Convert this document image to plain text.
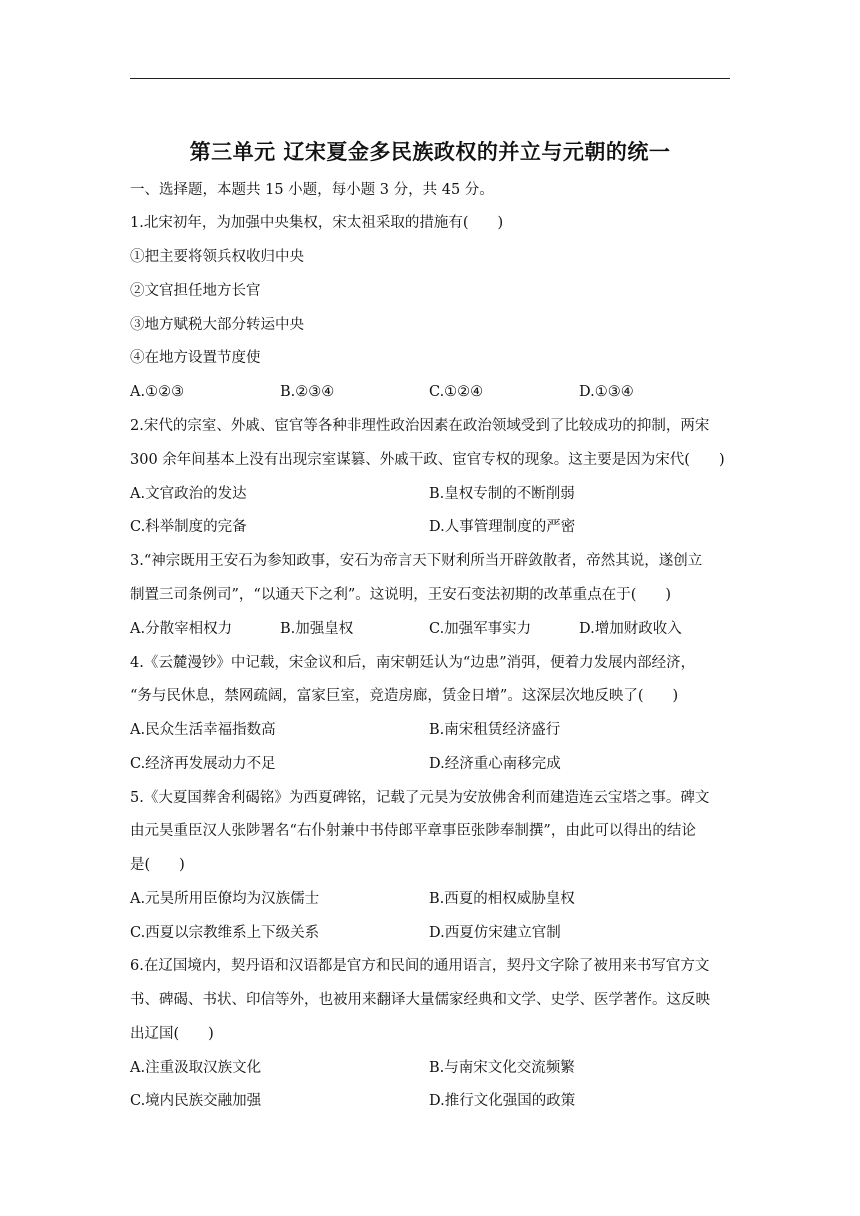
第三单元 辽宋夏金多民族政权的并立与元朝的统一
一、选择题，本题共 15 小题，每小题 3 分，共 45 分。
1.北宋初年，为加强中央集权，宋太祖采取的措施有(　　)
①把主要将领兵权收归中央
②文官担任地方长官
③地方赋税大部分转运中央
④在地方设置节度使
A.①②③	B.②③④	C.①②④	D.①③④
2.宋代的宗室、外戚、宦官等各种非理性政治因素在政治领域受到了比较成功的抑制，两宋
300 余年间基本上没有出现宗室谋篡、外戚干政、宦官专权的现象。这主要是因为宋代(　　)
A.文官政治的发达	B.皇权专制的不断削弱
C.科举制度的完备	D.人事管理制度的严密
3.“神宗既用王安石为参知政事，安石为帝言天下财利所当开辟敛散者，帝然其说，遂创立
制置三司条例司”，“以通天下之利”。这说明，王安石变法初期的改革重点在于(　　)
A.分散宰相权力	B.加强皇权	C.加强军事实力	D.增加财政收入
4.《云麓漫钞》中记载，宋金议和后，南宋朝廷认为“边患”消弭，便着力发展内部经济，
“务与民休息，禁网疏阔，富家巨室，竞造房廊，赁金日增”。这深层次地反映了(　　)
A.民众生活幸福指数高	B.南宋租赁经济盛行
C.经济再发展动力不足	D.经济重心南移完成
5.《大夏国葬舍利碣铭》为西夏碑铭，记载了元昊为安放佛舍利而建造连云宝塔之事。碑文
由元昊重臣汉人张陟署名“右仆射兼中书侍郎平章事臣张陟奉制撰”，由此可以得出的结论
是(　　)
A.元昊所用臣僚均为汉族儒士	B.西夏的相权威胁皇权
C.西夏以宗教维系上下级关系	D.西夏仿宋建立官制
6.在辽国境内，契丹语和汉语都是官方和民间的通用语言，契丹文字除了被用来书写官方文
书、碑碣、书状、印信等外，也被用来翻译大量儒家经典和文学、史学、医学著作。这反映
出辽国(　　)
A.注重汲取汉族文化	B.与南宋文化交流频繁
C.境内民族交融加强	D.推行文化强国的政策
